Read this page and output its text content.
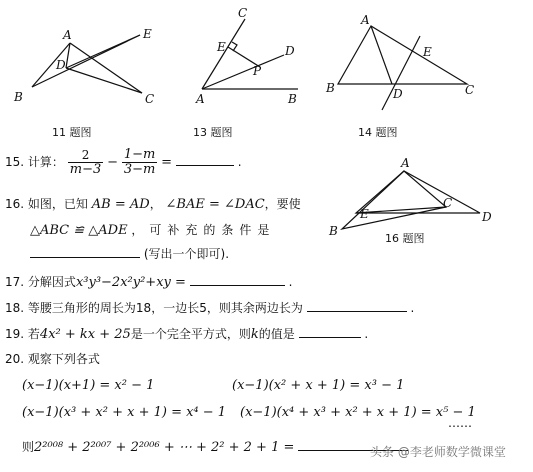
A
B	C
D
E
11 题图
A	B
C
D
E
P
13 题图
A
B	C
D
E
14 题图
15. 计算： $\frac{2}{m-3} - \frac{1-m}{3-m}$ =	.
16. 如图，已知 AB = AD， ∠BAE = ∠DAC，要使
△ABC ≌ △ADE ，可补充的条件是
(写出一个即可).
A
B
C
D
E
16 题图
17. 分解因式x³y³−2x²y²+xy =	.
18. 等腰三角形的周长为18，一边长5，则其余两边长为	.
19. 若4x² + kx + 25是一个完全平方式，则k的值是	.
20. 观察下列各式
(x−1)(x+1) = x² − 1	(x−1)(x² + x + 1) = x³ − 1
(x−1)(x³ + x² + x + 1) = x⁴ − 1 (x−1)(x⁴ + x³ + x² + x + 1) = x⁵ − 1
……
则2²⁰⁰⁸ + 2²⁰⁰⁷ + 2²⁰⁰⁶ + ⋯ + 2² + 2 + 1 =	头条 @李老师数学微课堂
